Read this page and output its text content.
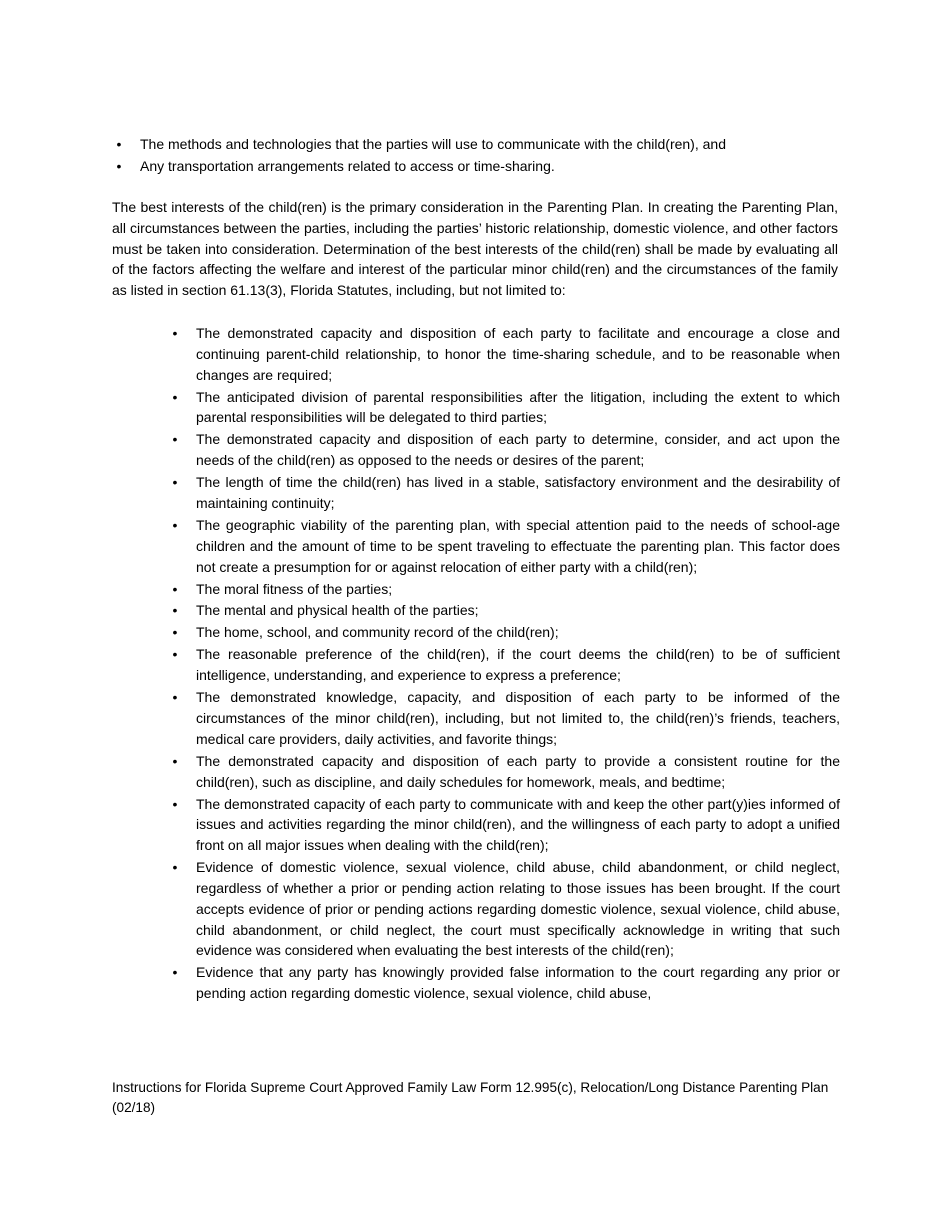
•	The methods and technologies that the parties will use to communicate with the child(ren), and
•	Any transportation arrangements related to access or time-sharing.

The best interests of the child(ren) is the primary consideration in the Parenting Plan. In creating the Parenting Plan, all circumstances between the parties, including the parties’ historic relationship, domestic violence, and other factors must be taken into consideration. Determination of the best interests of the child(ren) shall be made by evaluating all of the factors affecting the welfare and interest of the particular minor child(ren) and the circumstances of the family as listed in section 61.13(3), Florida Statutes, including, but not limited to:

•	The demonstrated capacity and disposition of each party to facilitate and encourage a close and continuing parent-child relationship, to honor the time-sharing schedule, and to be reasonable when changes are required;
•	The anticipated division of parental responsibilities after the litigation, including the extent to which parental responsibilities will be delegated to third parties;
•	The demonstrated capacity and disposition of each party to determine, consider, and act upon the needs of the child(ren) as opposed to the needs or desires of the parent;
•	The length of time the child(ren) has lived in a stable, satisfactory environment and the desirability of maintaining continuity;
•	The geographic viability of the parenting plan, with special attention paid to the needs of school-age children and the amount of time to be spent traveling to effectuate the parenting plan. This factor does not create a presumption for or against relocation of either party with a child(ren);
•	The moral fitness of the parties;
•	The mental and physical health of the parties;
•	The home, school, and community record of the child(ren);
•	The reasonable preference of the child(ren), if the court deems the child(ren) to be of sufficient intelligence, understanding, and experience to express a preference;
•	The demonstrated knowledge, capacity, and disposition of each party to be informed of the circumstances of the minor child(ren), including, but not limited to, the child(ren)’s friends, teachers, medical care providers, daily activities, and favorite things;
•	The demonstrated capacity and disposition of each party to provide a consistent routine for the child(ren), such as discipline, and daily schedules for homework, meals, and bedtime;
•	The demonstrated capacity of each party to communicate with and keep the other part(y)ies informed of issues and activities regarding the minor child(ren), and the willingness of each party to adopt a unified front on all major issues when dealing with the child(ren);
•	Evidence of domestic violence, sexual violence, child abuse, child abandonment, or child neglect, regardless of whether a prior or pending action relating to those issues has been brought. If the court accepts evidence of prior or pending actions regarding domestic violence, sexual violence, child abuse, child abandonment, or child neglect, the court must specifically acknowledge in writing that such evidence was considered when evaluating the best interests of the child(ren);
•	Evidence that any party has knowingly provided false information to the court regarding any prior or pending action regarding domestic violence, sexual violence, child abuse,

Instructions for Florida Supreme Court Approved Family Law Form 12.995(c), Relocation/Long Distance Parenting Plan (02/18)
